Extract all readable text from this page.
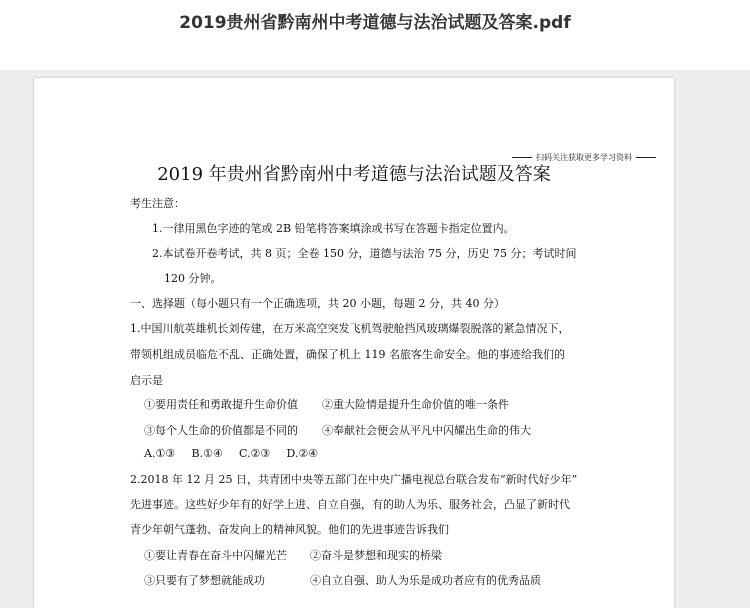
2019贵州省黔南州中考道德与法治试题及答案.pdf
扫码关注获取更多学习资料
2019 年贵州省黔南州中考道德与法治试题及答案
考生注意：
1.一律用黑色字迹的笔或 2B 铅笔将答案填涂或书写在答题卡指定位置内。
2.本试卷开卷考试，共 8 页；全卷 150 分，道德与法治 75 分，历史 75 分；考试时间
120 分钟。
一、选择题（每小题只有一个正确选项，共 20 小题，每题 2 分，共 40 分）
1.中国川航英雄机长刘传建，在万米高空突发飞机驾驶舱挡风玻璃爆裂脱落的紧急情况下，
带领机组成员临危不乱、正确处置，确保了机上 119 名旅客生命安全。他的事迹给我们的
启示是
①要用责任和勇敢提升生命价值 ②重大险情是提升生命价值的唯一条件
③每个人生命的价值都是不同的 ④奉献社会便会从平凡中闪耀出生命的伟大
A.①③ B.①④ C.②③ D.②④
2.2018 年 12 月 25 日，共青团中央等五部门在中央广播电视总台联合发布“新时代好少年”
先进事迹。这些好少年有的好学上进、自立自强，有的助人为乐、服务社会，凸显了新时代
青少年朝气蓬勃、奋发向上的精神风貌。他们的先进事迹告诉我们
①要让青春在奋斗中闪耀光芒 ②奋斗是梦想和现实的桥梁
③只要有了梦想就能成功	④自立自强、助人为乐是成功者应有的优秀品质
